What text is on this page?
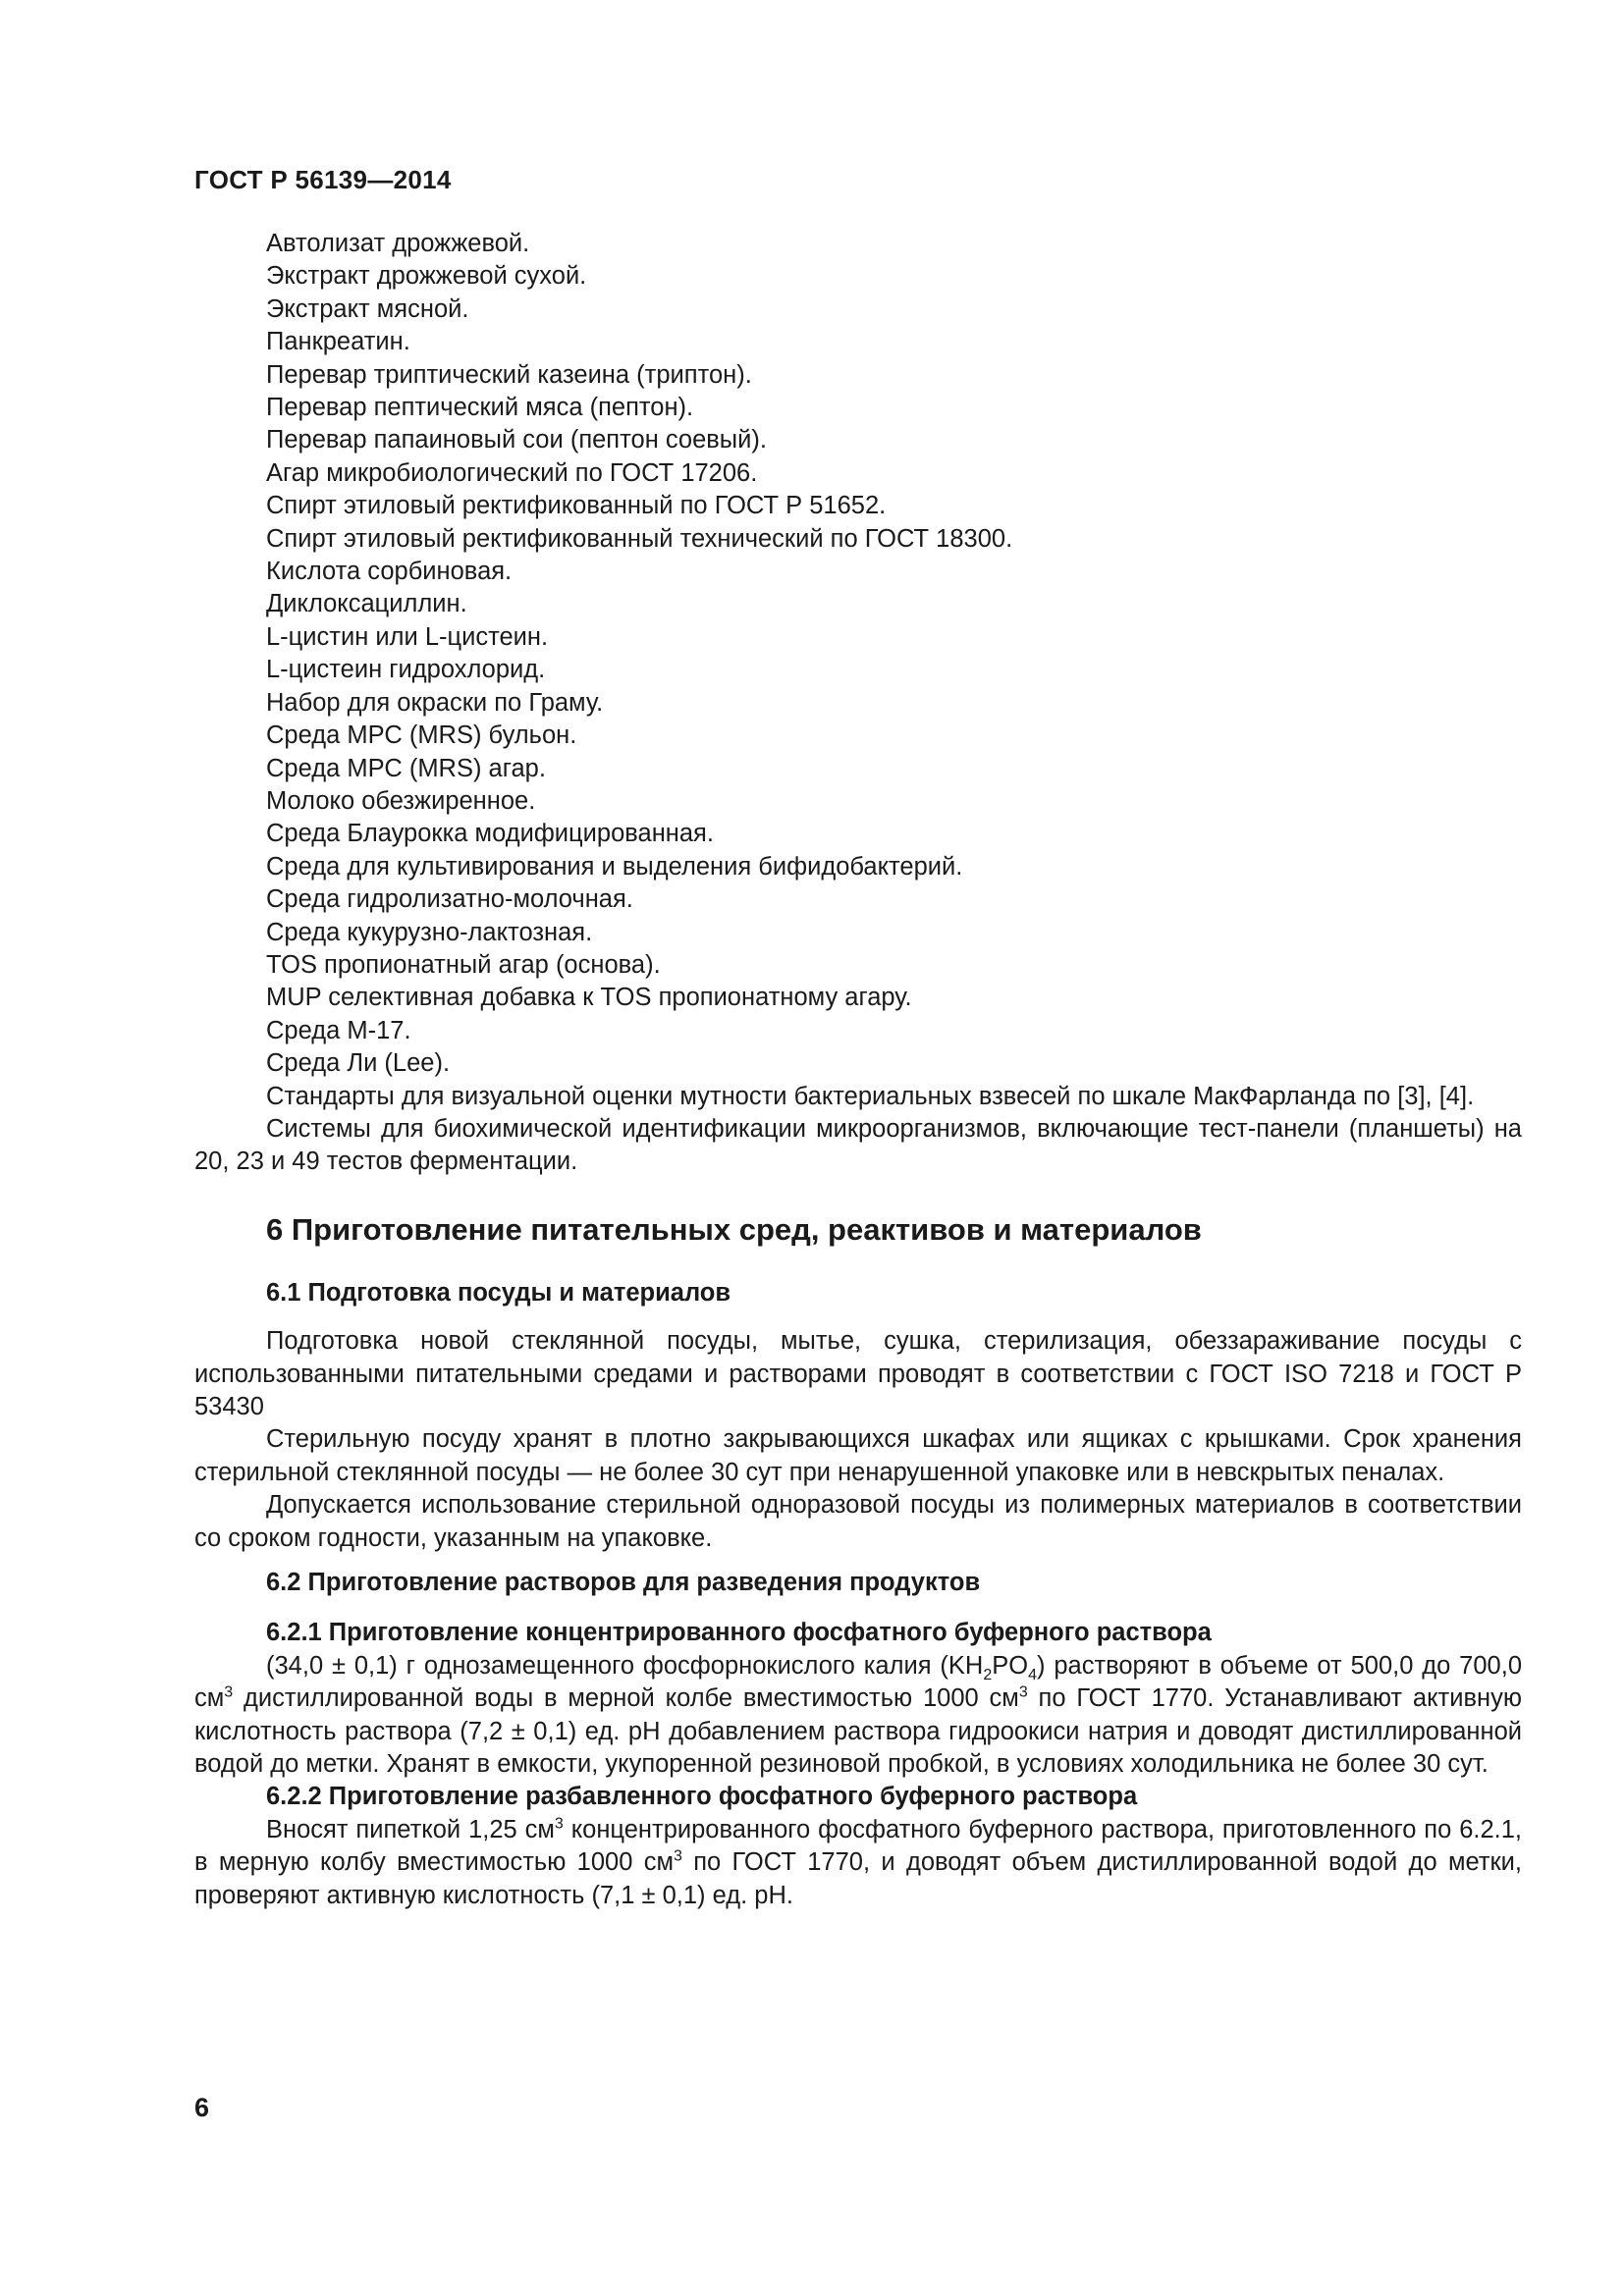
ГОСТ Р 56139—2014
Автолизат дрожжевой.
Экстракт дрожжевой сухой.
Экстракт мясной.
Панкреатин.
Перевар триптический казеина (триптон).
Перевар пептический мяса (пептон).
Перевар папаиновый сои (пептон соевый).
Агар микробиологический по ГОСТ 17206.
Спирт этиловый ректификованный по ГОСТ Р 51652.
Спирт этиловый ректификованный технический по ГОСТ 18300.
Кислота сорбиновая.
Диклоксациллин.
L-цистин или L-цистеин.
L-цистеин гидрохлорид.
Набор для окраски по Граму.
Среда МРС (MRS) бульон.
Среда МРС (MRS) агар.
Молоко обезжиренное.
Среда Блаурокка модифицированная.
Среда для культивирования и выделения бифидобактерий.
Среда гидролизатно-молочная.
Среда кукурузно-лактозная.
TOS пропионатный агар (основа).
MUP селективная добавка к TOS пропионатному агару.
Среда М-17.
Среда Ли (Lee).
Стандарты для визуальной оценки мутности бактериальных взвесей по шкале МакФарланда по [3], [4].
Системы для биохимической идентификации микроорганизмов, включающие тест-панели (планшеты) на 20, 23 и 49 тестов ферментации.
6 Приготовление питательных сред, реактивов и материалов
6.1 Подготовка посуды и материалов
Подготовка новой стеклянной посуды, мытье, сушка, стерилизация, обеззараживание посуды с использованными питательными средами и растворами проводят в соответствии с ГОСТ ISO 7218 и ГОСТ Р 53430
Стерильную посуду хранят в плотно закрывающихся шкафах или ящиках с крышками. Срок хранения стерильной стеклянной посуды — не более 30 сут при ненарушенной упаковке или в невскрытых пеналах.
Допускается использование стерильной одноразовой посуды из полимерных материалов в соответствии со сроком годности, указанным на упаковке.
6.2 Приготовление растворов для разведения продуктов
6.2.1 Приготовление концентрированного фосфатного буферного раствора
(34,0 ± 0,1) г однозамещенного фосфорнокислого калия $(KH_2PO_4)$ растворяют в объеме от 500,0 до 700,0 $см^3$ дистиллированной воды в мерной колбе вместимостью 1000 $см^3$ по ГОСТ 1770. Устанавливают активную кислотность раствора (7,2 ± 0,1) ед. pH добавлением раствора гидроокиси натрия и доводят дистиллированной водой до метки. Хранят в емкости, укупоренной резиновой пробкой, в условиях холодильника не более 30 сут.
6.2.2 Приготовление разбавленного фосфатного буферного раствора
Вносят пипеткой 1,25 $см^3$ концентрированного фосфатного буферного раствора, приготовленного по 6.2.1, в мерную колбу вместимостью 1000 $см^3$ по ГОСТ 1770, и доводят объем дистиллированной водой до метки, проверяют активную кислотность (7,1 ± 0,1) ед. pH.
6
